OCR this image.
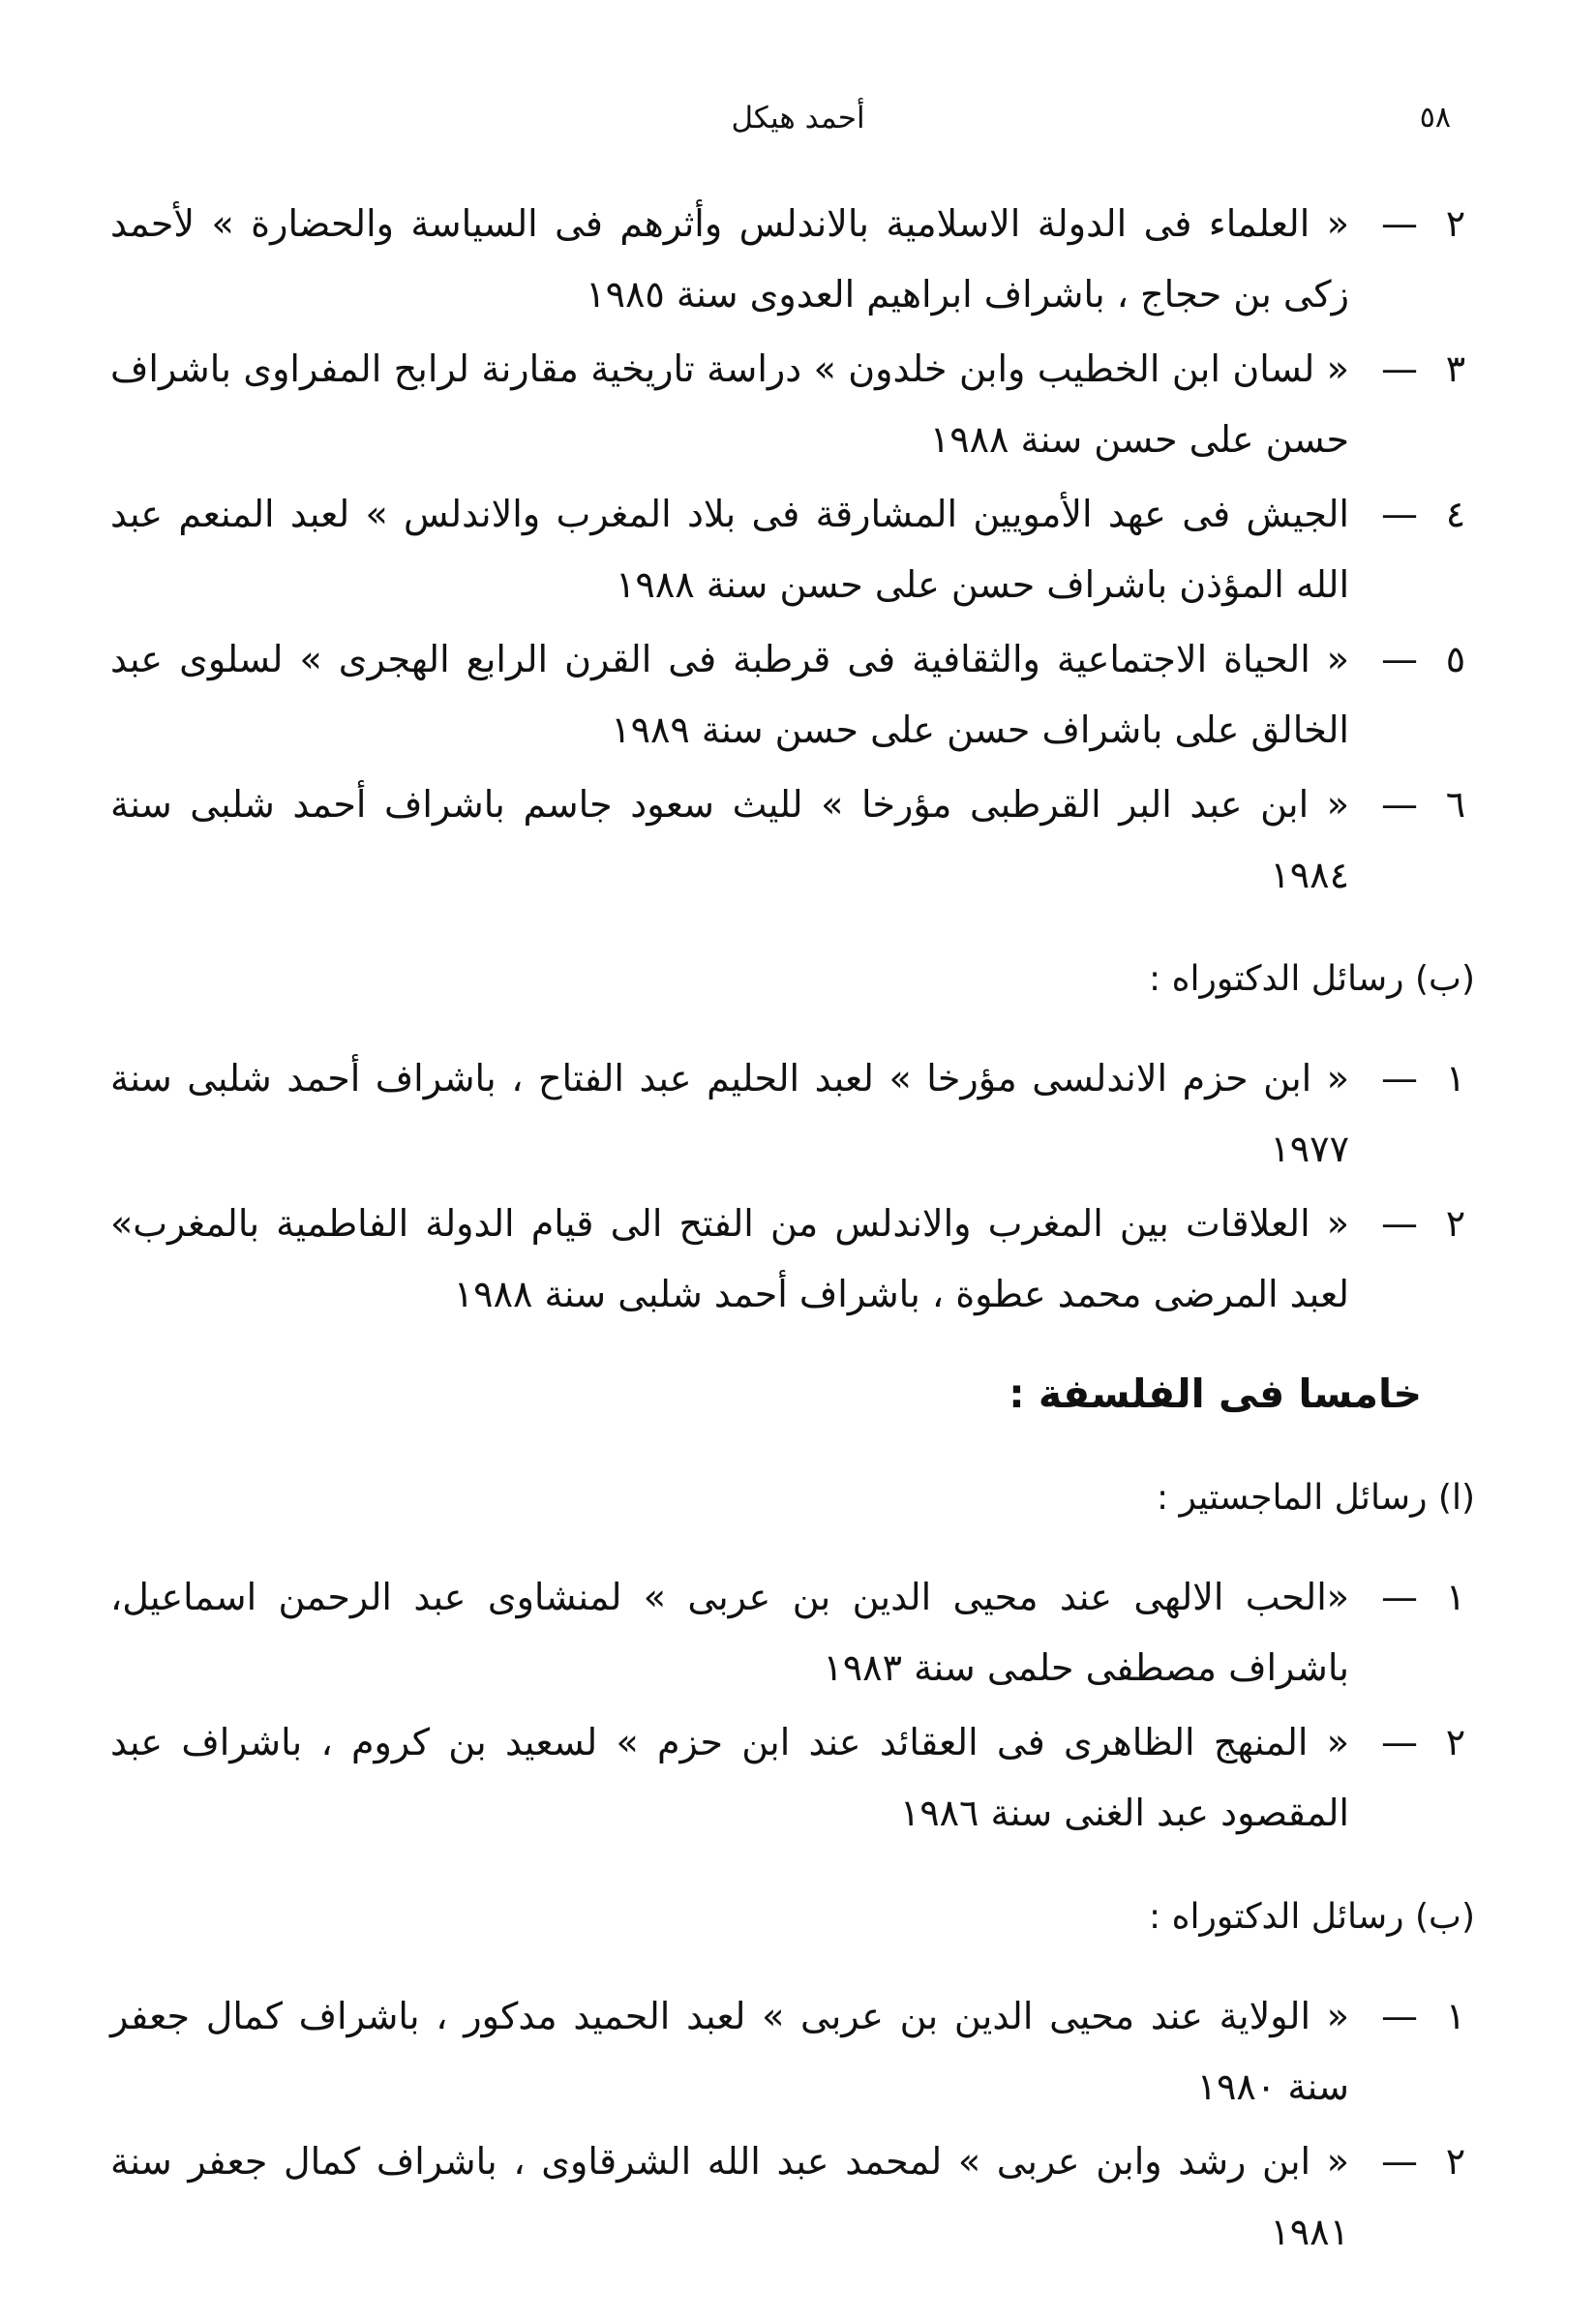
٥٨
أحمد هيكل
٢
—
« العلماء فى الدولة الاسلامية بالاندلس وأثرهم فى السياسة والحضارة » لأحمد زكى بن حجاج ، باشراف ابراهيم العدوى سنة ١٩٨٥
٣
—
« لسان ابن الخطيب وابن خلدون » دراسة تاريخية مقارنة لرابح المفراوى باشراف حسن على حسن سنة ١٩٨٨
٤
—
الجيش فى عهد الأمويين المشارقة فى بلاد المغرب والاندلس » لعبد المنعم عبد الله المؤذن باشراف حسن على حسن سنة ١٩٨٨
٥
—
« الحياة الاجتماعية والثقافية فى قرطبة فى القرن الرابع الهجرى » لسلوى عبد الخالق على باشراف حسن على حسن سنة ١٩٨٩
٦
—
« ابن عبد البر القرطبى مؤرخا » لليث سعود جاسم باشراف أحمد شلبى سنة ١٩٨٤
(ب) رسائل الدكتوراه :
١
—
« ابن حزم الاندلسى مؤرخا » لعبد الحليم عبد الفتاح ، باشراف أحمد شلبى سنة ١٩٧٧
٢
—
« العلاقات بين المغرب والاندلس من الفتح الى قيام الدولة الفاطمية بالمغرب» لعبد المرضى محمد عطوة ، باشراف أحمد شلبى سنة ١٩٨٨
خامسا فى الفلسفة :
(ا) رسائل الماجستير :
١
—
«الحب الالهى عند محيى الدين بن عربى » لمنشاوى عبد الرحمن اسماعيل، باشراف مصطفى حلمى سنة ١٩٨٣
٢
—
« المنهج الظاهرى فى العقائد عند ابن حزم » لسعيد بن كروم ، باشراف عبد المقصود عبد الغنى سنة ١٩٨٦
(ب) رسائل الدكتوراه :
١
—
« الولاية عند محيى الدين بن عربى » لعبد الحميد مدكور ، باشراف كمال جعفر سنة ١٩٨٠
٢
—
« ابن رشد وابن عربى » لمحمد عبد الله الشرقاوى ، باشراف كمال جعفر سنة ١٩٨١
